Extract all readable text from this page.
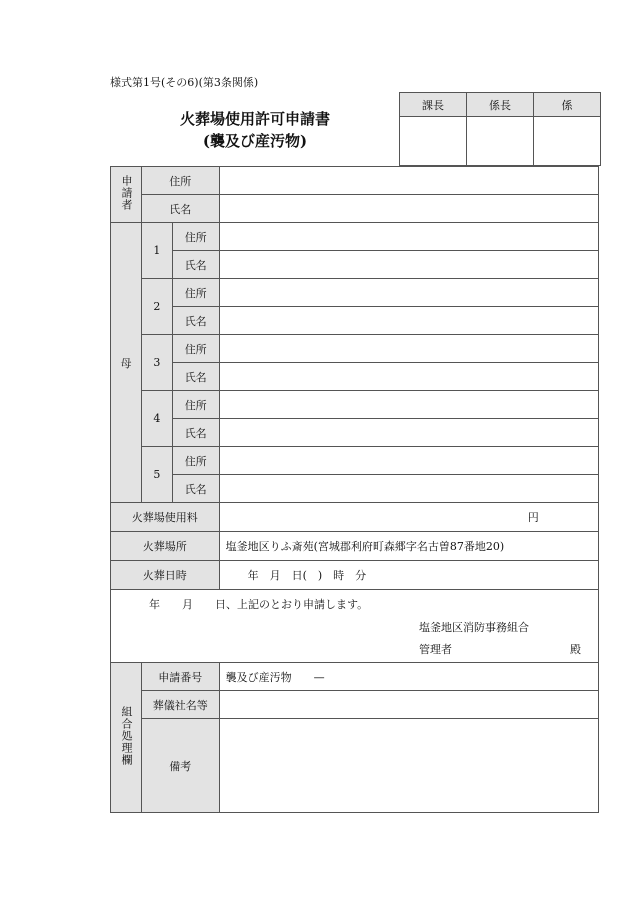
様式第1号(その6)(第3条関係)
火葬場使用許可申請書
(襲及び産汚物)
課長	係長	係

申請者	住所		
	氏名		
母	1	住所	
		氏名	
	2	住所	
		氏名	
	3	住所	
		氏名	
	4	住所	
		氏名	
	5	住所	
		氏名	
火葬場使用料			円
火葬場所			塩釜地区りふ斎苑(宮城郡利府町森郷字名古曽87番地20)
火葬日時			年　月　日(　)　時　分

年　　月　　日、上記のとおり申請します。
塩釜地区消防事務組合
管理者 殿			

組合処理欄	申請番号		襲及び産汚物　　—
	葬儀社名等		
	備考		
